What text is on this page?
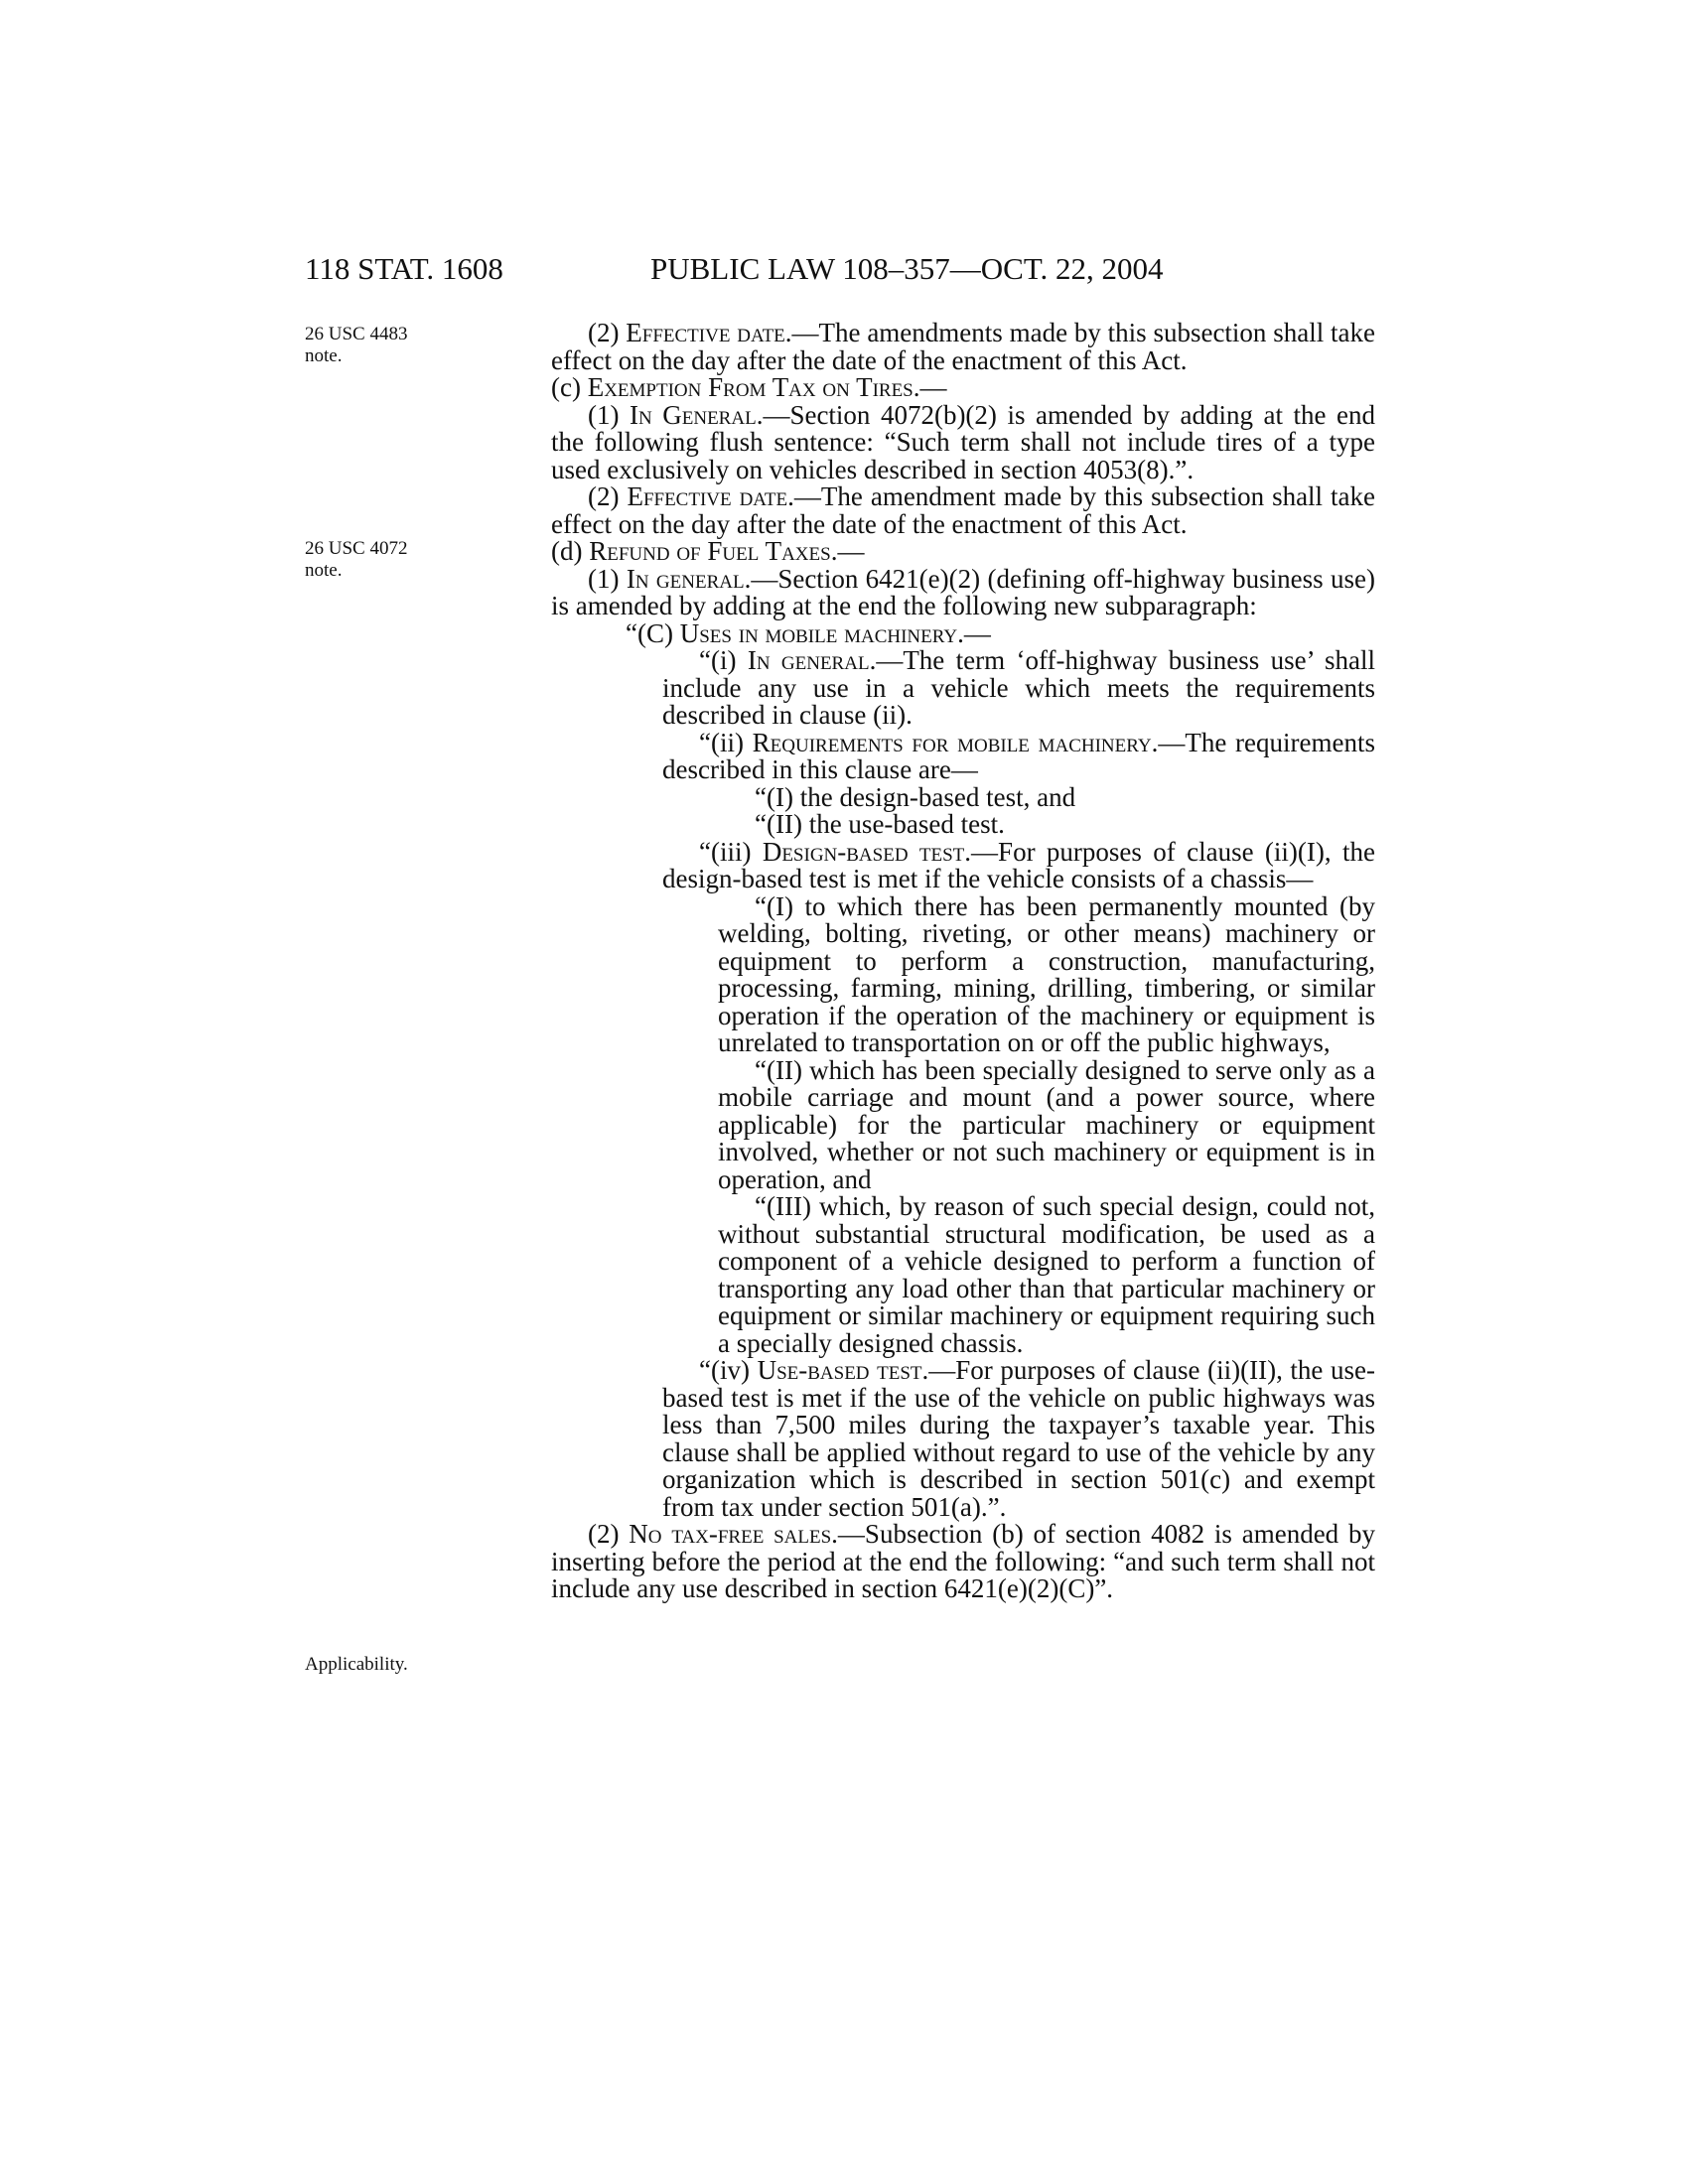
118 STAT. 1608	PUBLIC LAW 108–357—OCT. 22, 2004
26 USC 4483
note.
26 USC 4072
note.
Applicability.

(2) Effective date.—The amendments made by this subsection shall take effect on the day after the date of the enactment of this Act.

(c) Exemption From Tax on Tires.—

(1) In General.—Section 4072(b)(2) is amended by adding at the end the following flush sentence: “Such term shall not include tires of a type used exclusively on vehicles described in section 4053(8).”.

(2) Effective date.—The amendment made by this subsection shall take effect on the day after the date of the enactment of this Act.

(d) Refund of Fuel Taxes.—

(1) In general.—Section 6421(e)(2) (defining off-highway business use) is amended by adding at the end the following new subparagraph:

“(C) Uses in mobile machinery.—

“(i) In general.—The term ‘off-highway business use’ shall include any use in a vehicle which meets the requirements described in clause (ii).

“(ii) Requirements for mobile machinery.—The requirements described in this clause are—

“(I) the design-based test, and

“(II) the use-based test.

“(iii) Design-based test.—For purposes of clause (ii)(I), the design-based test is met if the vehicle consists of a chassis—

“(I) to which there has been permanently mounted (by welding, bolting, riveting, or other means) machinery or equipment to perform a construction, manufacturing, processing, farming, mining, drilling, timbering, or similar operation if the operation of the machinery or equipment is unrelated to transportation on or off the public highways,

“(II) which has been specially designed to serve only as a mobile carriage and mount (and a power source, where applicable) for the particular machinery or equipment involved, whether or not such machinery or equipment is in operation, and

“(III) which, by reason of such special design, could not, without substantial structural modification, be used as a component of a vehicle designed to perform a function of transporting any load other than that particular machinery or equipment or similar machinery or equipment requiring such a specially designed chassis.

“(iv) Use-based test.—For purposes of clause (ii)(II), the use-based test is met if the use of the vehicle on public highways was less than 7,500 miles during the taxpayer’s taxable year. This clause shall be applied without regard to use of the vehicle by any organization which is described in section 501(c) and exempt from tax under section 501(a).”.

(2) No tax-free sales.—Subsection (b) of section 4082 is amended by inserting before the period at the end the following: “and such term shall not include any use described in section 6421(e)(2)(C)”.
